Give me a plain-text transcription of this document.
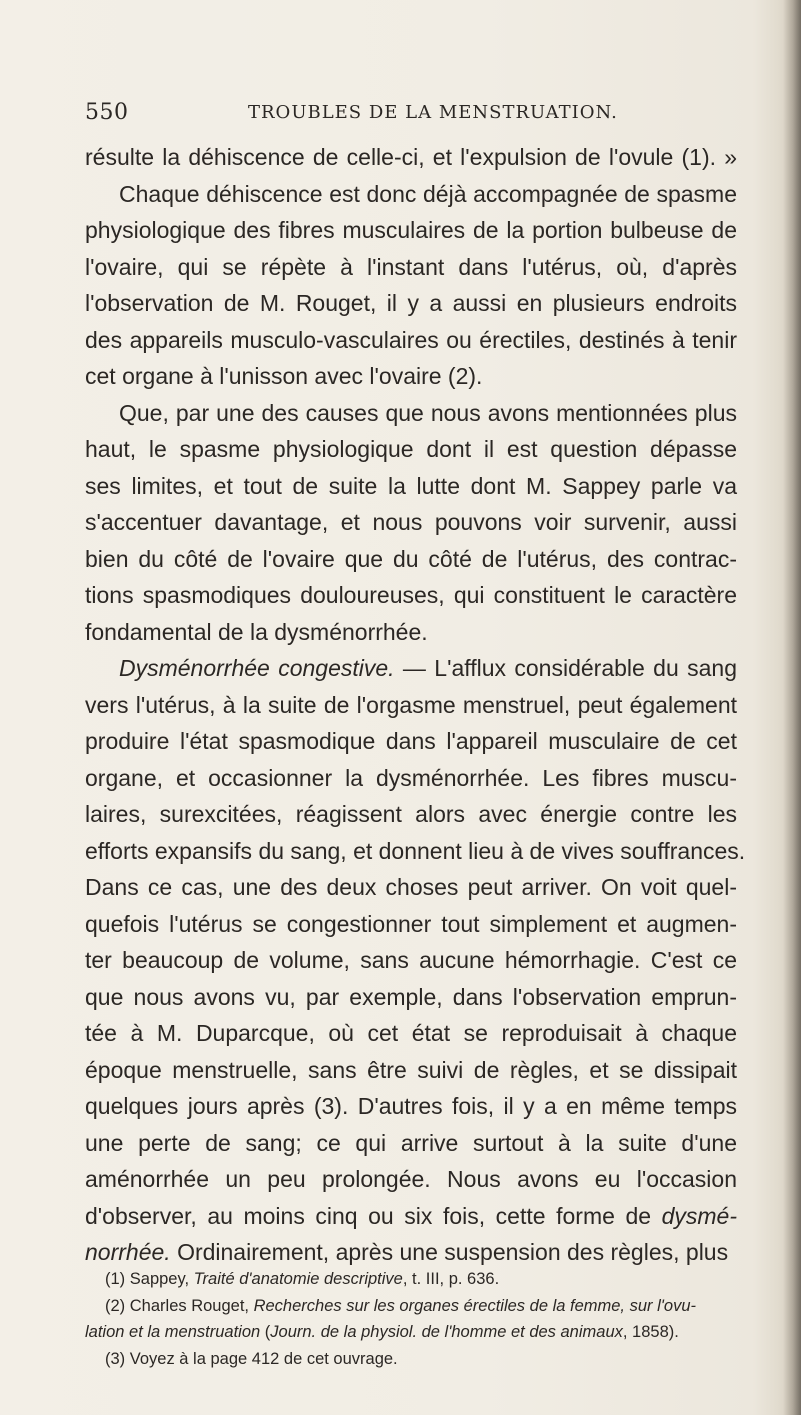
550	TROUBLES DE LA MENSTRUATION.
résulte la déhiscence de celle-ci, et l'expulsion de l'ovule (1). »
Chaque déhiscence est donc déjà accompagnée de spasme
physiologique des fibres musculaires de la portion bulbeuse de
l'ovaire, qui se répète à l'instant dans l'utérus, où, d'après
l'observation de M. Rouget, il y a aussi en plusieurs endroits
des appareils musculo-vasculaires ou érectiles, destinés à tenir
cet organe à l'unisson avec l'ovaire (2).
Que, par une des causes que nous avons mentionnées plus
haut, le spasme physiologique dont il est question dépasse
ses limites, et tout de suite la lutte dont M. Sappey parle va
s'accentuer davantage, et nous pouvons voir survenir, aussi
bien du côté de l'ovaire que du côté de l'utérus, des contrac-
tions spasmodiques douloureuses, qui constituent le caractère
fondamental de la dysménorrhée.
Dysménorrhée congestive. — L'afflux considérable du sang
vers l'utérus, à la suite de l'orgasme menstruel, peut également
produire l'état spasmodique dans l'appareil musculaire de cet
organe, et occasionner la dysménorrhée. Les fibres muscu-
laires, surexcitées, réagissent alors avec énergie contre les
efforts expansifs du sang, et donnent lieu à de vives souffrances.
Dans ce cas, une des deux choses peut arriver. On voit quel-
quefois l'utérus se congestionner tout simplement et augmen-
ter beaucoup de volume, sans aucune hémorrhagie. C'est ce
que nous avons vu, par exemple, dans l'observation emprun-
tée à M. Duparcque, où cet état se reproduisait à chaque
époque menstruelle, sans être suivi de règles, et se dissipait
quelques jours après (3). D'autres fois, il y a en même temps
une perte de sang; ce qui arrive surtout à la suite d'une
aménorrhée un peu prolongée. Nous avons eu l'occasion
d'observer, au moins cinq ou six fois, cette forme de dysmé-
norrhée. Ordinairement, après une suspension des règles, plus
(1) Sappey, Traité d'anatomie descriptive, t. III, p. 636.
(2) Charles Rouget, Recherches sur les organes érectiles de la femme, sur l'ovu-
lation et la menstruation (Journ. de la physiol. de l'homme et des animaux, 1858).
(3) Voyez à la page 412 de cet ouvrage.
